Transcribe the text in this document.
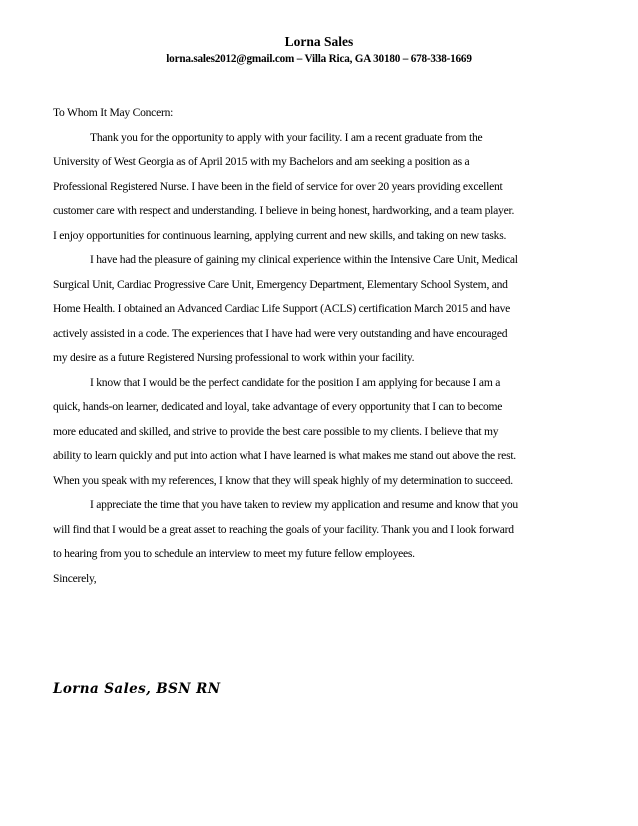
Lorna Sales
lorna.sales2012@gmail.com – Villa Rica, GA 30180 – 678-338-1669
To Whom It May Concern:
Thank you for the opportunity to apply with your facility. I am a recent graduate from the
University of West Georgia as of April 2015 with my Bachelors and am seeking a position as a
Professional Registered Nurse. I have been in the field of service for over 20 years providing excellent
customer care with respect and understanding. I believe in being honest, hardworking, and a team player.
I enjoy opportunities for continuous learning, applying current and new skills, and taking on new tasks.
I have had the pleasure of gaining my clinical experience within the Intensive Care Unit, Medical
Surgical Unit, Cardiac Progressive Care Unit, Emergency Department, Elementary School System, and
Home Health. I obtained an Advanced Cardiac Life Support (ACLS) certification March 2015 and have
actively assisted in a code. The experiences that I have had were very outstanding and have encouraged
my desire as a future Registered Nursing professional to work within your facility.
I know that I would be the perfect candidate for the position I am applying for because I am a
quick, hands-on learner, dedicated and loyal, take advantage of every opportunity that I can to become
more educated and skilled, and strive to provide the best care possible to my clients. I believe that my
ability to learn quickly and put into action what I have learned is what makes me stand out above the rest.
When you speak with my references, I know that they will speak highly of my determination to succeed.
I appreciate the time that you have taken to review my application and resume and know that you
will find that I would be a great asset to reaching the goals of your facility. Thank you and I look forward
to hearing from you to schedule an interview to meet my future fellow employees.
Sincerely,
Lorna Sales, BSN RN
